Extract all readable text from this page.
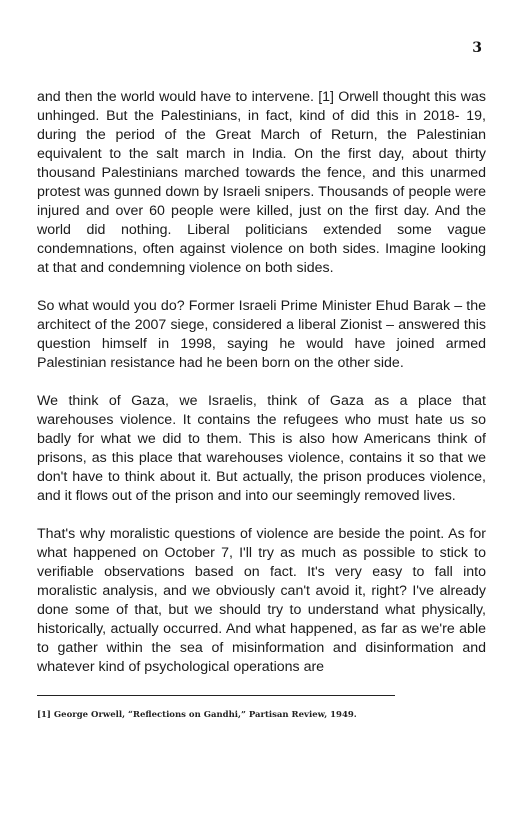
3

and then the world would have to intervene. [1] Orwell thought this was unhinged. But the Palestinians, in fact, kind of did this in 2018- 19, during the period of the Great March of Return, the Palestinian equivalent to the salt march in India. On the first day, about thirty thousand Palestinians marched towards the fence, and this unarmed protest was gunned down by Israeli snipers. Thousands of people were injured and over 60 people were killed, just on the first day. And the world did nothing. Liberal politicians extended some vague condemnations, often against violence on both sides. Imagine looking at that and condemning violence on both sides.

So what would you do? Former Israeli Prime Minister Ehud Barak – the architect of the 2007 siege, considered a liberal Zionist – answered this question himself in 1998, saying he would have joined armed Palestinian resistance had he been born on the other side.

We think of Gaza, we Israelis, think of Gaza as a place that warehouses violence. It contains the refugees who must hate us so badly for what we did to them. This is also how Americans think of prisons, as this place that warehouses violence, contains it so that we don't have to think about it. But actually, the prison produces violence, and it flows out of the prison and into our seemingly removed lives.

That's why moralistic questions of violence are beside the point. As for what happened on October 7, I'll try as much as possible to stick to verifiable observations based on fact. It's very easy to fall into moralistic analysis, and we obviously can't avoid it, right? I've already done some of that, but we should try to understand what physically, historically, actually occurred. And what happened, as far as we're able to gather within the sea of misinformation and disinformation and whatever kind of psychological operations are

[1] George Orwell, “Reflections on Gandhi,” Partisan Review, 1949.
